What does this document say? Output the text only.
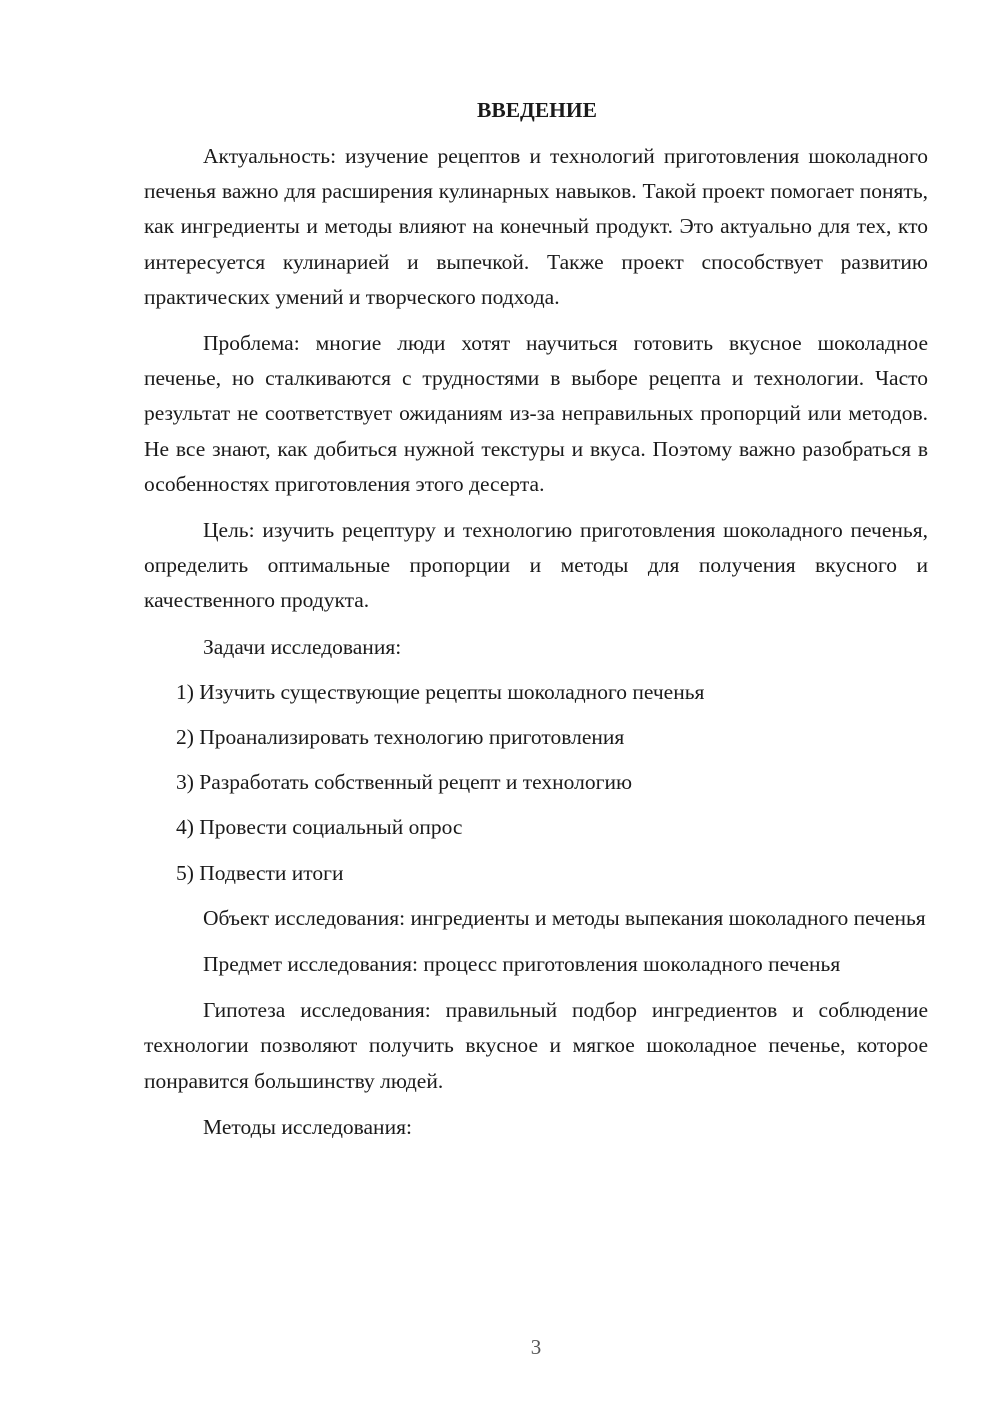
ВВЕДЕНИЕ

Актуальность: изучение рецептов и технологий приготовления шоколадного печенья важно для расширения кулинарных навыков. Такой проект помогает понять, как ингредиенты и методы влияют на конечный продукт. Это актуально для тех, кто интересуется кулинарией и выпечкой. Также проект способствует развитию практических умений и творческого подхода.

Проблема: многие люди хотят научиться готовить вкусное шоколадное печенье, но сталкиваются с трудностями в выборе рецепта и технологии. Часто результат не соответствует ожиданиям из-за неправильных пропорций или методов. Не все знают, как добиться нужной текстуры и вкуса. Поэтому важно разобраться в особенностях приготовления этого десерта.

Цель: изучить рецептуру и технологию приготовления шоколадного печенья, определить оптимальные пропорции и методы для получения вкусного и качественного продукта.

Задачи исследования:

1) Изучить существующие рецепты шоколадного печенья
2) Проанализировать технологию приготовления
3) Разработать собственный рецепт и технологию
4) Провести социальный опрос
5) Подвести итоги

Объект исследования: ингредиенты и методы выпекания шоколадного печенья

Предмет исследования: процесс приготовления шоколадного печенья

Гипотеза исследования: правильный подбор ингредиентов и соблюдение технологии позволяют получить вкусное и мягкое шоколадное печенье, которое понравится большинству людей.

Методы исследования:

3
